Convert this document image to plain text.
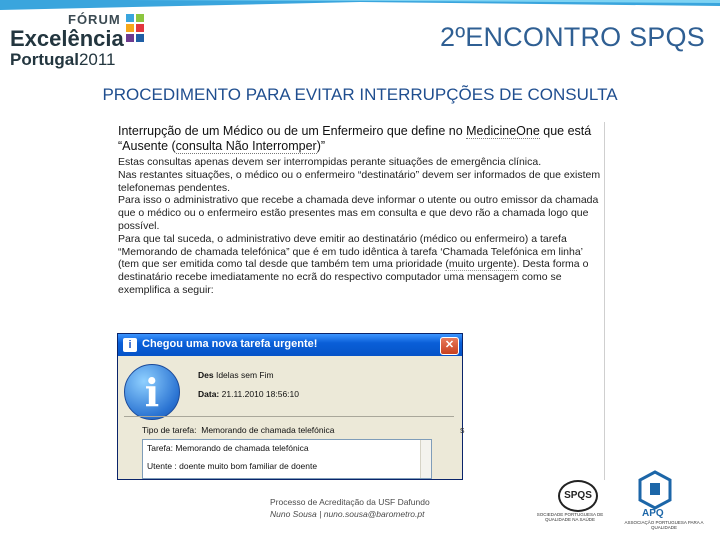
FÓRUM
Excelência
Portugal2011
2ºENCONTRO SPQS
PROCEDIMENTO PARA EVITAR INTERRUPÇÕES DE CONSULTA
Interrupção de um Médico ou de um Enfermeiro que define no MedicineOne que está “Ausente (consulta Não Interromper)”
Estas consultas apenas devem ser interrompidas perante situações de emergência clínica.
Nas restantes situações, o médico ou o enfermeiro “destinatário” devem ser informados de que existem telefonemas pendentes.
Para isso o administrativo que recebe a chamada deve informar o utente ou outro emissor da chamada que o médico ou o enfermeiro estão presentes mas em consulta e que devo rão a chamada logo que possível.
Para que tal suceda, o administrativo deve emitir ao destinatário (médico ou enfermeiro) a tarefa “Memorando de chamada telefónica” que é em tudo idêntica à tarefa ‘Chamada Telefónica em linha’ (tem que ser emitida como tal desde que também tem uma prioridade (muito urgente). Desta forma o destinatário recebe imediatamente no ecrã do respectivo computador uma mensagem como se exemplifica a seguir:
i Chegou uma nova tarefa urgente!	✕
i	Des Idelas sem Fim
Data: 21.11.2010 18:56:10
Tipo de tarefa: Memorando de chamada telefónica
Tarefa: Memorando de chamada telefónica
Utente : doente muito bom familiar de doente
s
Processo de Acreditação da USF Dafundo
Nuno Sousa | nuno.sousa@barometro.pt
SPQS
SOCIEDADE PORTUGUESA DE QUALIDADE NA SAÚDE
APQ
ASSOCIAÇÃO PORTUGUESA PARA A QUALIDADE
